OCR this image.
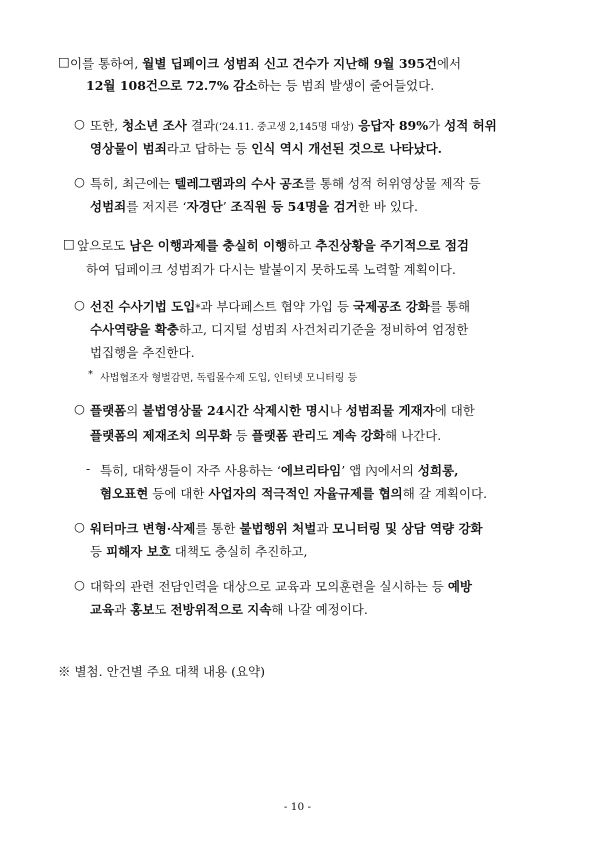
□ 이를 통하여, 월별 딥페이크 성범죄 신고 건수가 지난해 9월 395건에서
12월 108건으로 72.7% 감소하는 등 범죄 발생이 줄어들었다.
○ 또한, 청소년 조사 결과(‘24.11. 중고생 2,145명 대상) 응답자 89%가 성적 허위
영상물이 범죄라고 답하는 등 인식 역시 개선된 것으로 나타났다.
○ 특히, 최근에는 텔레그램과의 수사 공조를 통해 성적 허위영상물 제작 등
성범죄를 저지른 ‘자경단’ 조직원 등 54명을 검거한 바 있다.
□ 앞으로도 남은 이행과제를 충실히 이행하고 추진상황을 주기적으로 점검
하여 딥페이크 성범죄가 다시는 발붙이지 못하도록 노력할 계획이다.
○ 선진 수사기법 도입*과 부다페스트 협약 가입 등 국제공조 강화를 통해
수사역량을 확충하고, 디지털 성범죄 사건처리기준을 정비하여 엄정한
법집행을 추진한다.
* 사법협조자 형벌감면, 독립몰수제 도입, 인터넷 모니터링 등
○ 플랫폼의 불법영상물 24시간 삭제시한 명시나 성범죄물 게재자에 대한
플랫폼의 제재조치 의무화 등 플랫폼 관리도 계속 강화해 나간다.
- 특히, 대학생들이 자주 사용하는 ‘에브리타임’ 앱 內에서의 성희롱,
혐오표현 등에 대한 사업자의 적극적인 자율규제를 협의해 갈 계획이다.
○ 워터마크 변형·삭제를 통한 불법행위 처벌과 모니터링 및 상담 역량 강화
등 피해자 보호 대책도 충실히 추진하고,
○ 대학의 관련 전담인력을 대상으로 교육과 모의훈련을 실시하는 등 예방
교육과 홍보도 전방위적으로 지속해 나갈 예정이다.
※ 별첨. 안건별 주요 대책 내용 (요약)
- 10 -
